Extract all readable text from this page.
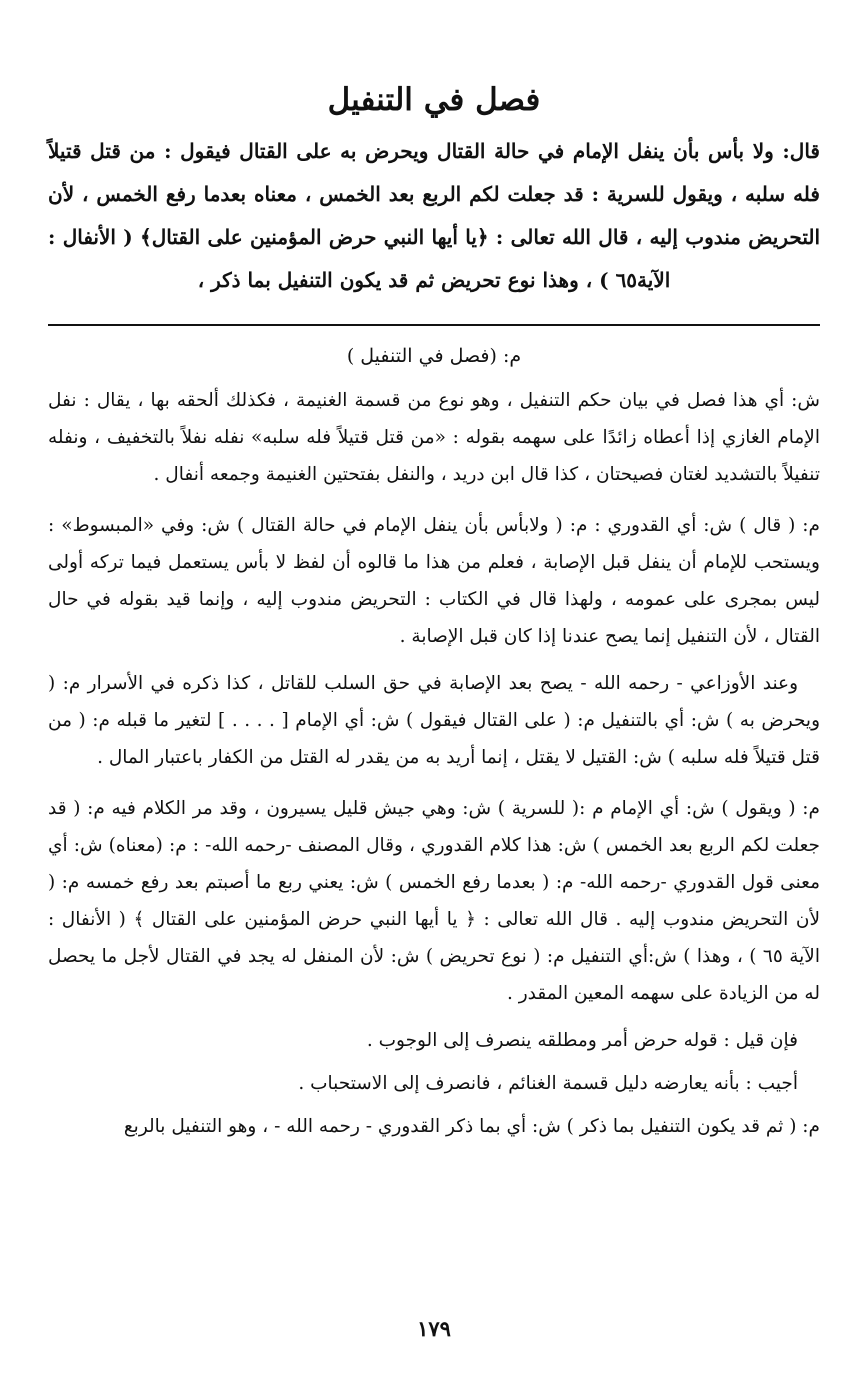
فصل في التنفيل

قال: ولا بأس بأن ينفل الإمام في حالة القتال ويحرض به على القتال فيقول : من قتل قتيلاً فله سلبه ، ويقول للسرية : قد جعلت لكم الربع بعد الخمس ، معناه بعدما رفع الخمس ، لأن التحريض مندوب إليه ، قال الله تعالى : ﴿يا أيها النبي حرض المؤمنين على القتال﴾ ( الأنفال : الآية٦٥ ) ، وهذا نوع تحريض ثم قد يكون التنفيل بما ذكر ،

م: (فصل في التنفيل )

ش: أي هذا فصل في بيان حكم التنفيل ، وهو نوع من قسمة الغنيمة ، فكذلك ألحقه بها ، يقال : نفل الإمام الغازي إذا أعطاه زائدًا على سهمه بقوله : «من قتل قتيلاً فله سلبه» نفله نفلاً بالتخفيف ، ونفله تنفيلاً بالتشديد لغتان فصيحتان ، كذا قال ابن دريد ، والنفل بفتحتين الغنيمة وجمعه أنفال .

م: ( قال ) ش: أي القدوري : م: ( ولابأس بأن ينفل الإمام في حالة القتال ) ش: وفي «المبسوط» : ويستحب للإمام أن ينفل قبل الإصابة ، فعلم من هذا ما قالوه أن لفظ لا بأس يستعمل فيما تركه أولى ليس بمجرى على عمومه ، ولهذا قال في الكتاب : التحريض مندوب إليه ، وإنما قيد بقوله في حال القتال ، لأن التنفيل إنما يصح عندنا إذا كان قبل الإصابة .

وعند الأوزاعي - رحمه الله - يصح بعد الإصابة في حق السلب للقاتل ، كذا ذكره في الأسرار م: ( ويحرض به ) ش: أي بالتنفيل م: ( على القتال فيقول ) ش: أي الإمام [ . . . . ] لتغير ما قبله م: ( من قتل قتيلاً فله سلبه ) ش: القتيل لا يقتل ، إنما أريد به من يقدر له القتل من الكفار باعتبار المال .

م: ( ويقول ) ش: أي الإمام م :( للسرية ) ش: وهي جيش قليل يسيرون ، وقد مر الكلام فيه م: ( قد جعلت لكم الربع بعد الخمس ) ش: هذا كلام القدوري ، وقال المصنف -رحمه الله- : م: (معناه) ش: أي معنى قول القدوري -رحمه الله- م: ( بعدما رفع الخمس ) ش: يعني ربع ما أصبتم بعد رفع خمسه م: ( لأن التحريض مندوب إليه . قال الله تعالى : ﴿ يا أيها النبي حرض المؤمنين على القتال ﴾ ( الأنفال : الآية ٦٥ ) ، وهذا ) ش:أي التنفيل م: ( نوع تحريض ) ش: لأن المنفل له يجد في القتال لأجل ما يحصل له من الزيادة على سهمه المعين المقدر .

فإن قيل : قوله حرض أمر ومطلقه ينصرف إلى الوجوب .

أجيب : بأنه يعارضه دليل قسمة الغنائم ، فانصرف إلى الاستحباب .

م: ( ثم قد يكون التنفيل بما ذكر ) ش: أي بما ذكر القدوري - رحمه الله - ، وهو التنفيل بالربع

١٧٩
